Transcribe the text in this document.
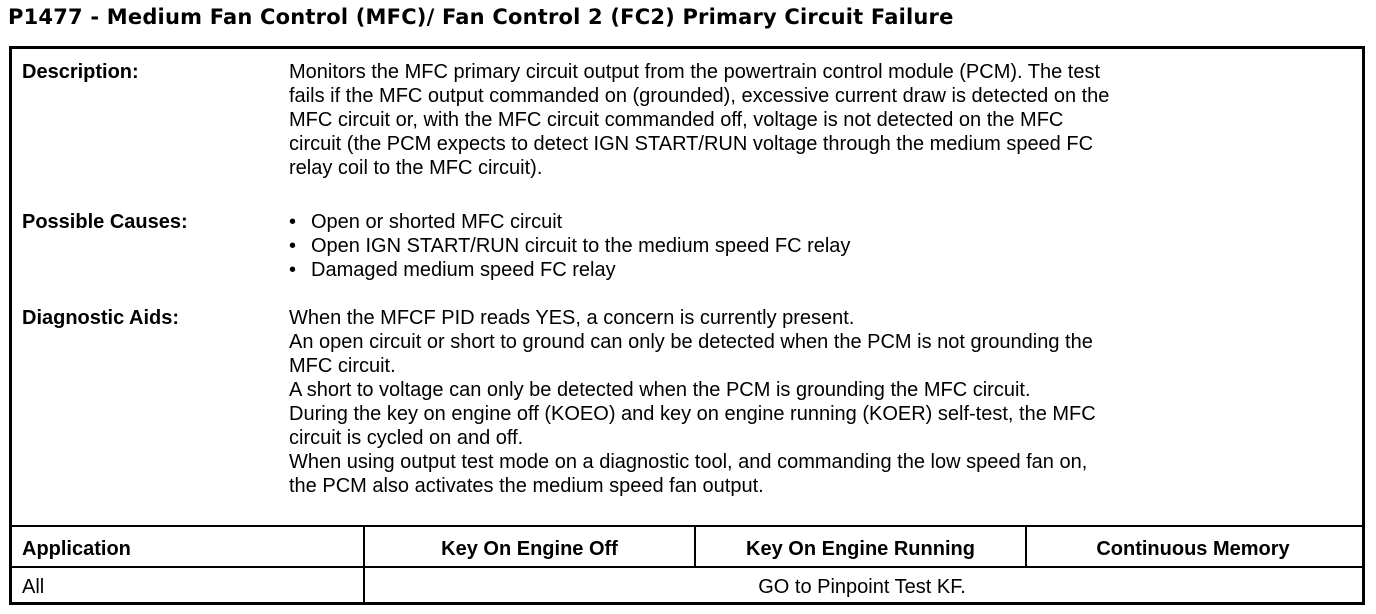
P1477 - Medium Fan Control (MFC)/ Fan Control 2 (FC2) Primary Circuit Failure
Description:	Monitors the MFC primary circuit output from the powertrain control module (PCM). The test

fails if the MFC output commanded on (grounded), excessive current draw is detected on the

MFC circuit or, with the MFC circuit commanded off, voltage is not detected on the MFC

circuit (the PCM expects to detect IGN START/RUN voltage through the medium speed FC

relay coil to the MFC circuit).

Possible Causes:	• Open or shorted MFC circuit

• Open IGN START/RUN circuit to the medium speed FC relay

• Damaged medium speed FC relay

Diagnostic Aids:	When the MFCF PID reads YES, a concern is currently present.

An open circuit or short to ground can only be detected when the PCM is not grounding the

MFC circuit.

A short to voltage can only be detected when the PCM is grounding the MFC circuit.

During the key on engine off (KOEO) and key on engine running (KOER) self-test, the MFC

circuit is cycled on and off.

When using output test mode on a diagnostic tool, and commanding the low speed fan on,

the PCM also activates the medium speed fan output.

Application	Key On Engine Off	Key On Engine Running	Continuous Memory
All	GO to Pinpoint Test KF.
